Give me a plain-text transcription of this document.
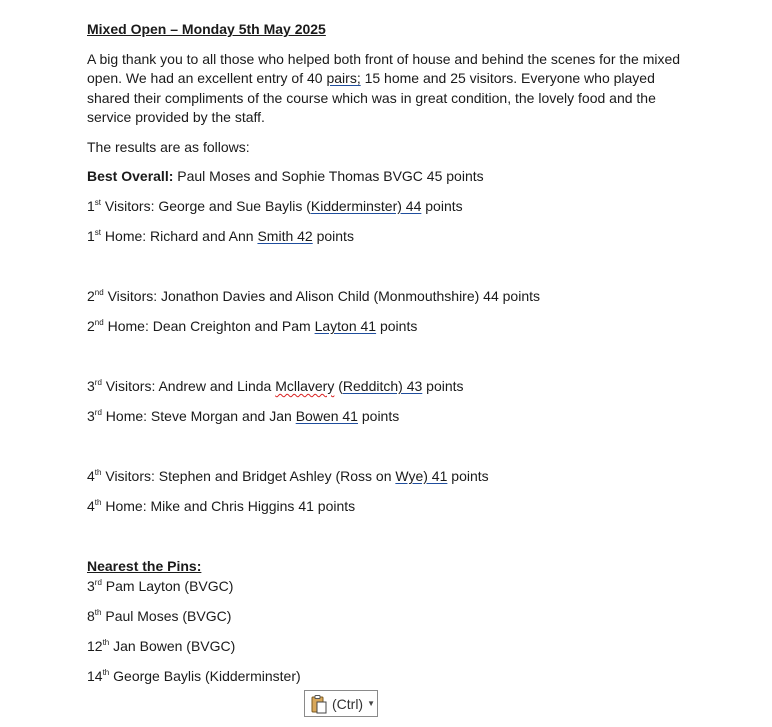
Mixed Open – Monday 5th May 2025

A big thank you to all those who helped both front of house and behind the scenes for the mixed open. We had an excellent entry of 40 pairs; 15 home and 25 visitors. Everyone who played shared their compliments of the course which was in great condition, the lovely food and the service provided by the staff.

The results are as follows:

Best Overall: Paul Moses and Sophie Thomas BVGC 45 points

1st Visitors: George and Sue Baylis (Kidderminster) 44 points

1st Home: Richard and Ann Smith 42 points

2nd Visitors: Jonathon Davies and Alison Child (Monmouthshire) 44 points

2nd Home: Dean Creighton and Pam Layton 41 points

3rd Visitors: Andrew and Linda Mcllavery (Redditch) 43 points

3rd Home: Steve Morgan and Jan Bowen 41 points

4th Visitors: Stephen and Bridget Ashley (Ross on Wye) 41 points

4th Home: Mike and Chris Higgins 41 points

Nearest the Pins:

3rd Pam Layton (BVGC)

8th Paul Moses (BVGC)

12th Jan Bowen (BVGC)

14th George Baylis (Kidderminster)

(Ctrl) ▼
